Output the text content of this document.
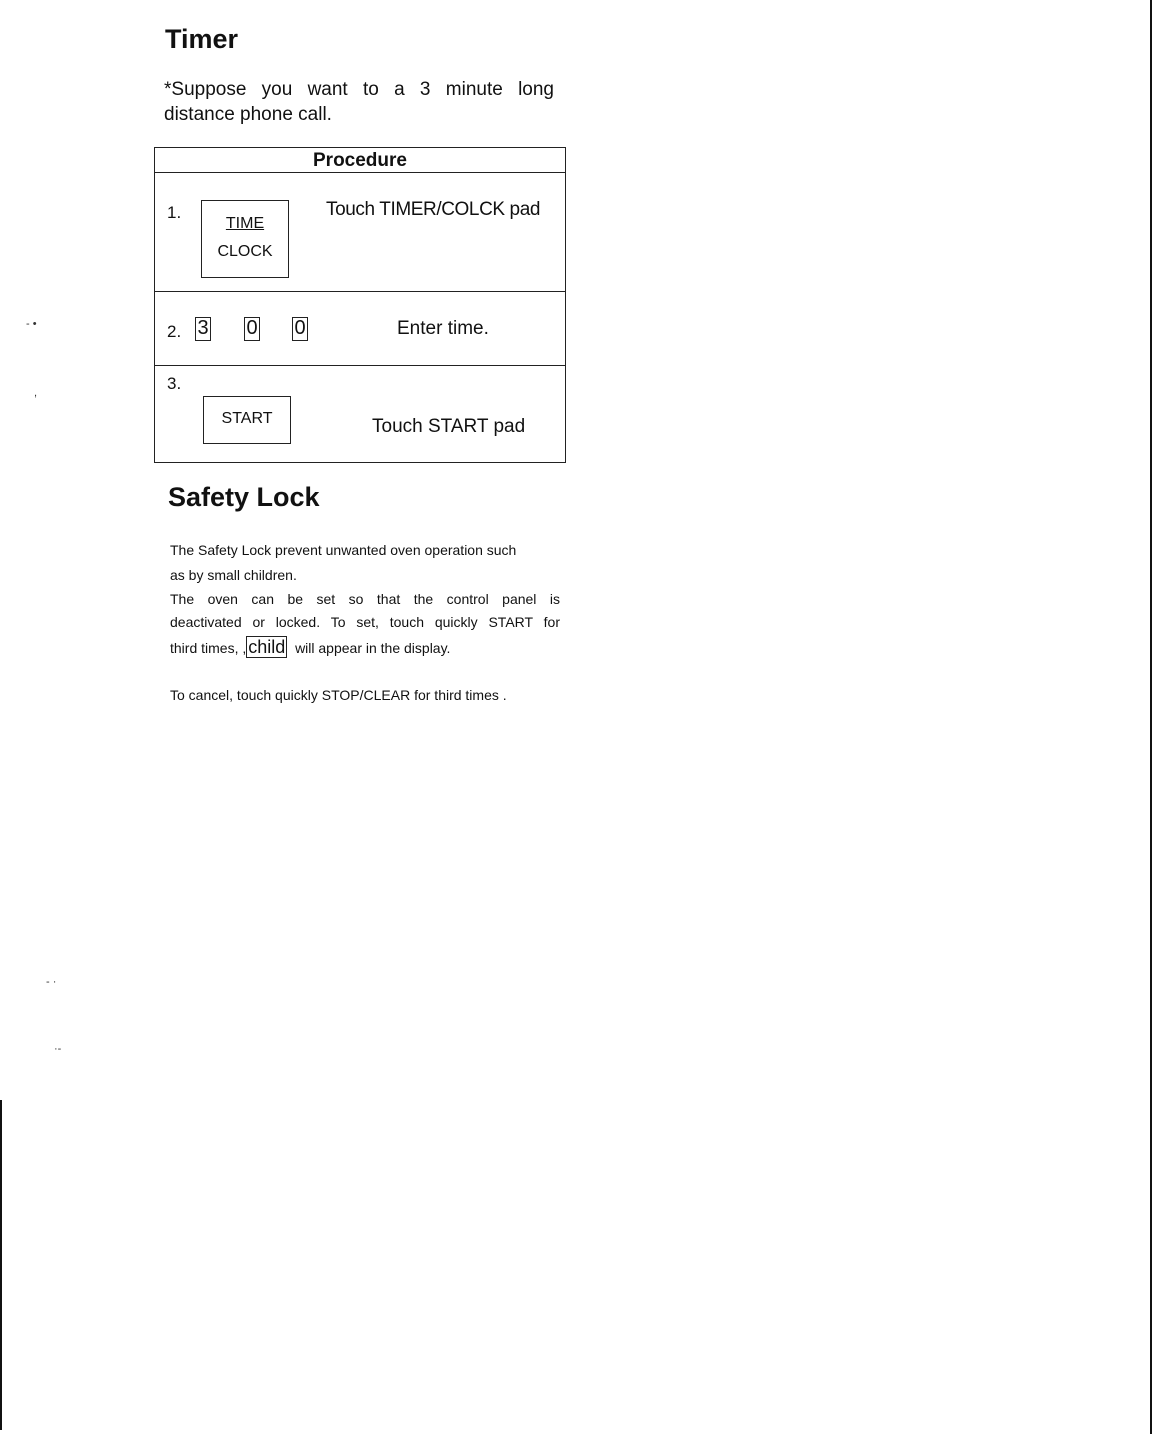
Timer
*Suppose you want to a 3 minute long distance phone call.
Procedure
1.
TIME
CLOCK
Touch TIMER/COLCK pad
2. 3 0 0	Enter time.
3.
START	Touch START pad
Safety Lock
The Safety Lock prevent unwanted oven operation such
as by small children.
The oven can be set so that the control panel is
deactivated or locked. To set, touch quickly START for
third times, , child will appear in the display.
To cancel, touch quickly STOP/CLEAR for third times .
- •
,
- ·
·-
